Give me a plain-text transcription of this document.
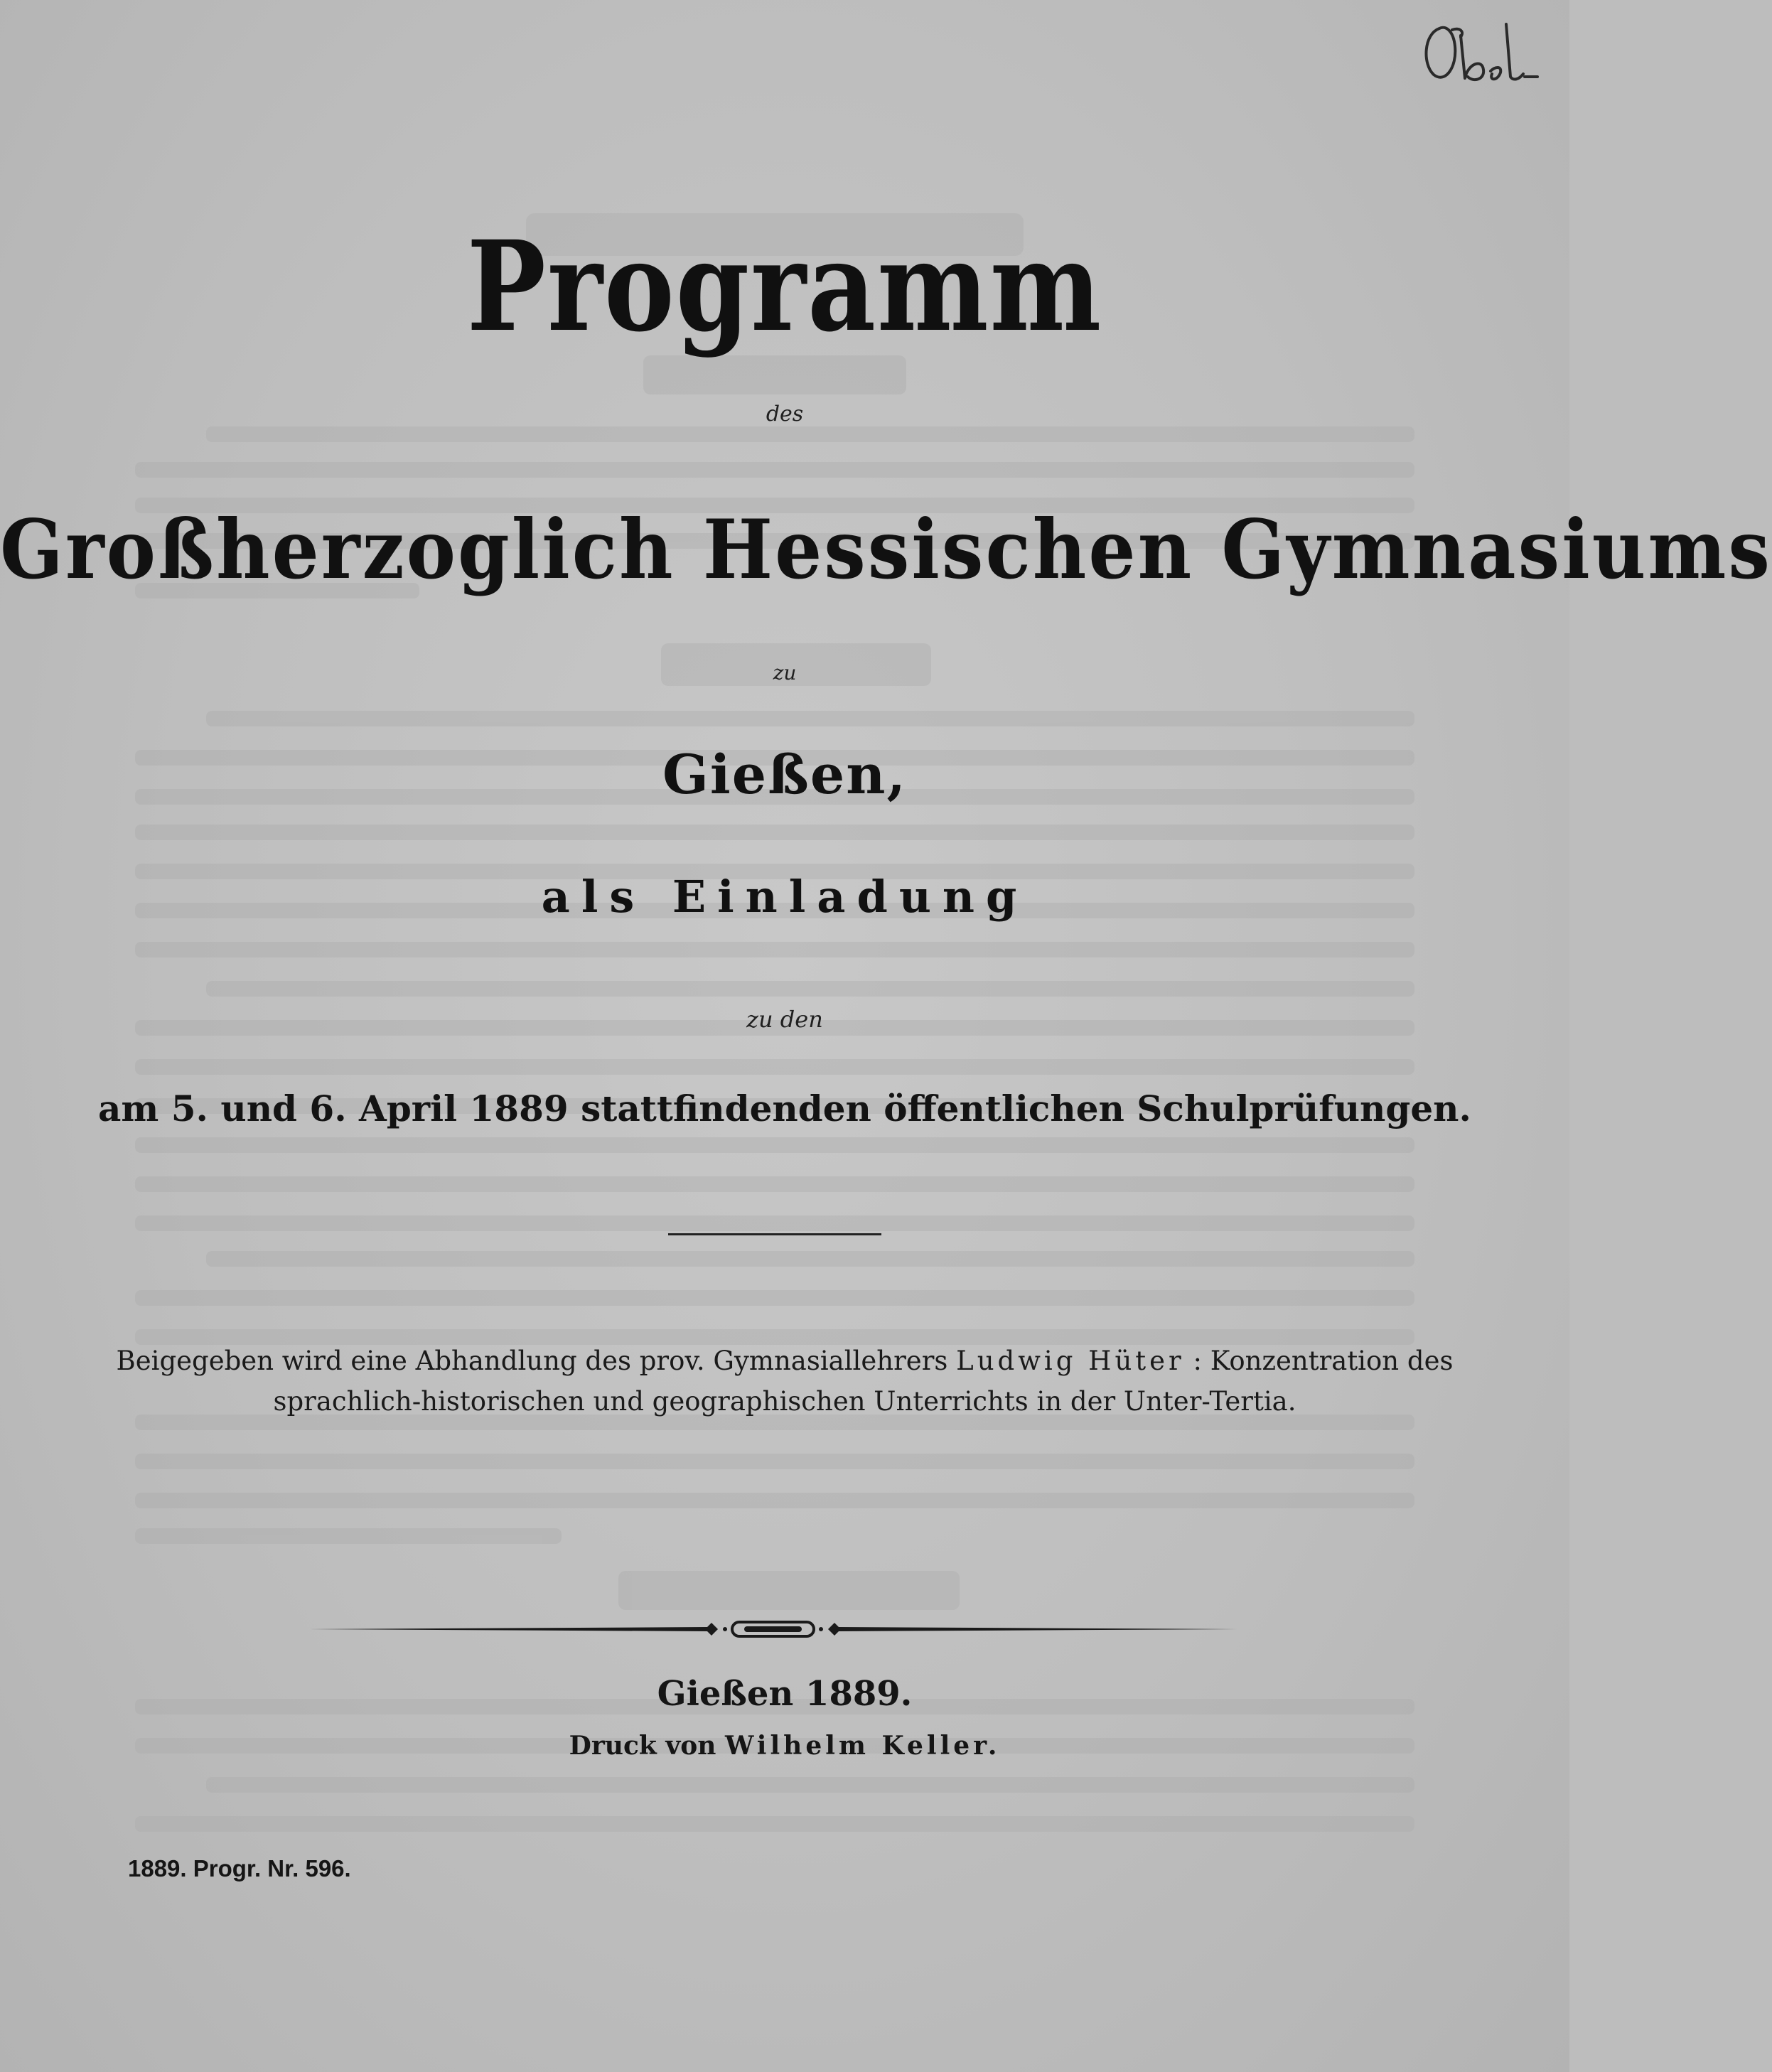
Programm
des
Großherzoglich Hessischen Gymnasiums
zu
Gießen,
als Einladung
zu den
am 5. und 6. April 1889 stattfindenden öffentlichen Schulprüfungen.
Beigegeben wird eine Abhandlung des prov. Gymnasiallehrers Ludwig Hüter : Konzentration des
sprachlich-historischen und geographischen Unterrichts in der Unter-Tertia.
Gießen 1889.
Druck von Wilhelm Keller.
1889. Progr. Nr. 596.
